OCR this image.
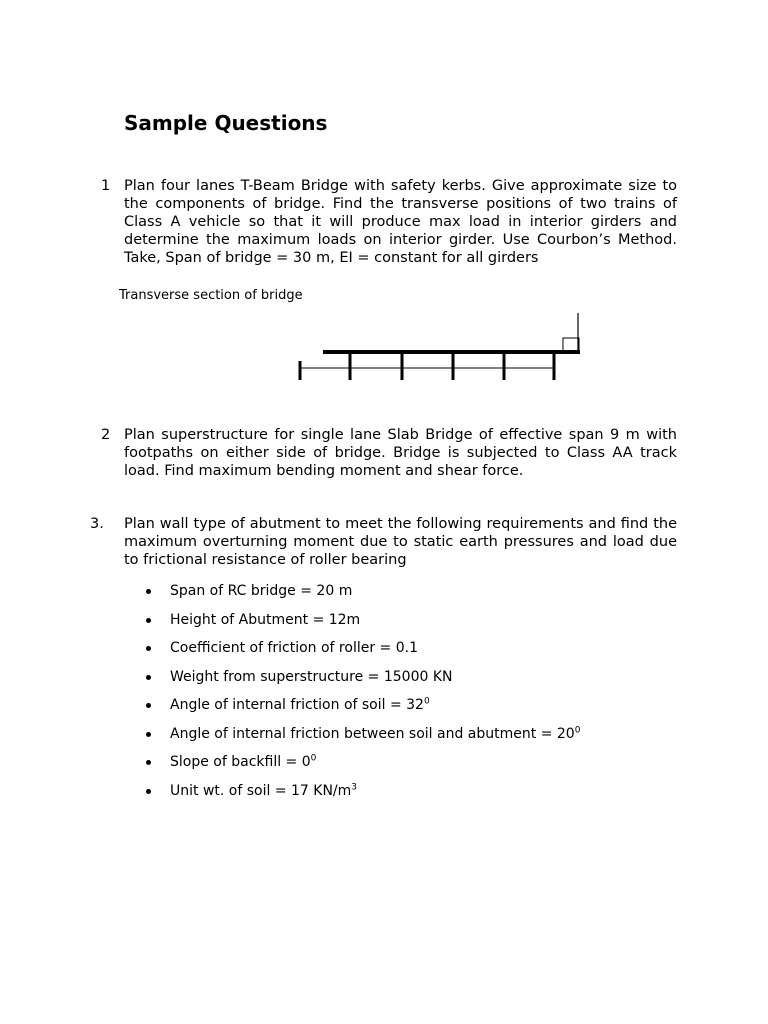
Sample Questions
1 Plan four lanes T-Beam Bridge with safety kerbs. Give approximate size to the components of bridge. Find the transverse positions of two trains of Class A vehicle so that it will produce max load in interior girders and determine the maximum loads on interior girder. Use Courbon’s Method. Take, Span of bridge = 30 m, EI = constant for all girders

Transverse section of bridge
2 Plan superstructure for single lane Slab Bridge of effective span 9 m with footpaths on either side of bridge. Bridge is subjected to Class AA track load. Find maximum bending moment and shear force.

3. Plan wall type of abutment to meet the following requirements and find the maximum overturning moment due to static earth pressures and load due to frictional resistance of roller bearing

Span of RC bridge = 20 m
Height of Abutment = 12m
Coefficient of friction of roller = 0.1
Weight from superstructure = 15000 KN
Angle of internal friction of soil = $32^0$
Angle of internal friction between soil and abutment = $20^0$
Slope of backfill = $0^0$
Unit wt. of soil = 17 $KN/m^3$
